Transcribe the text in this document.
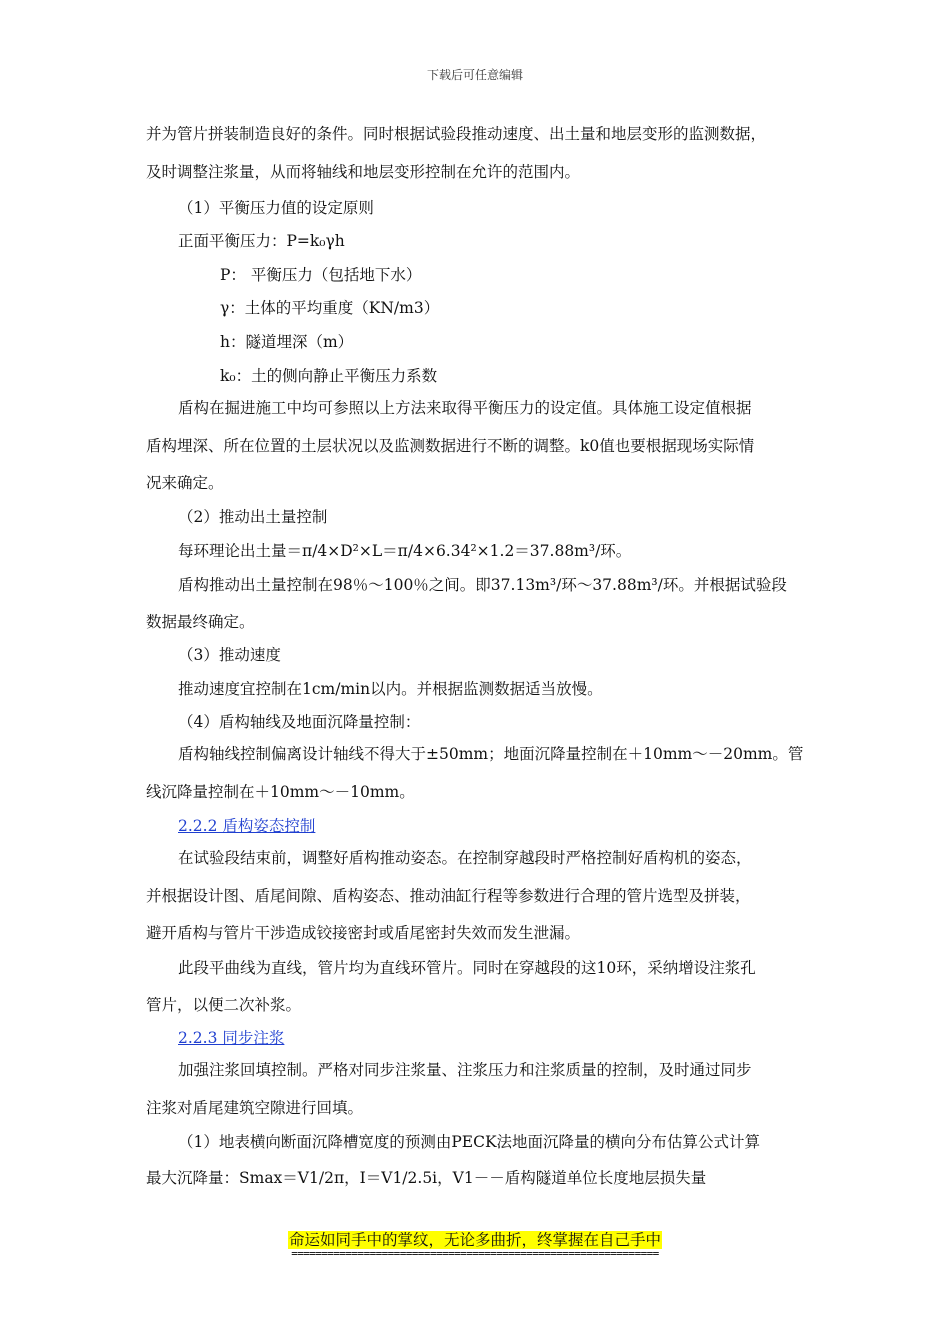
下载后可任意编辑
并为管片拼装制造良好的条件。同时根据试验段推动速度、出土量和地层变形的监测数据，
及时调整注浆量，从而将轴线和地层变形控制在允许的范围内。
（1）平衡压力值的设定原则
正面平衡压力：P=k₀γh
P： 平衡压力（包括地下水）
γ：土体的平均重度（KN/m3）
h：隧道埋深（m）
k₀：土的侧向静止平衡压力系数
盾构在掘进施工中均可参照以上方法来取得平衡压力的设定值。具体施工设定值根据
盾构埋深、所在位置的土层状况以及监测数据进行不断的调整。k0值也要根据现场实际情
况来确定。
（2）推动出土量控制
每环理论出土量＝π/4×D²×L＝π/4×6.34²×1.2＝37.88m³/环。
盾构推动出土量控制在98％～100％之间。即37.13m³/环～37.88m³/环。并根据试验段
数据最终确定。
（3）推动速度
推动速度宜控制在1cm/min以内。并根据监测数据适当放慢。
（4）盾构轴线及地面沉降量控制：
盾构轴线控制偏离设计轴线不得大于±50mm；地面沉降量控制在＋10mm～－20mm。管
线沉降量控制在＋10mm～－10mm。
2.2.2 盾构姿态控制
在试验段结束前，调整好盾构推动姿态。在控制穿越段时严格控制好盾构机的姿态，
并根据设计图、盾尾间隙、盾构姿态、推动油缸行程等参数进行合理的管片选型及拼装，
避开盾构与管片干涉造成铰接密封或盾尾密封失效而发生泄漏。
此段平曲线为直线，管片均为直线环管片。同时在穿越段的这10环，采纳增设注浆孔
管片，以便二次补浆。
2.2.3 同步注浆
加强注浆回填控制。严格对同步注浆量、注浆压力和注浆质量的控制，及时通过同步
注浆对盾尾建筑空隙进行回填。
（1）地表横向断面沉降槽宽度的预测由PECK法地面沉降量的横向分布估算公式计算
最大沉降量：Smax＝V1/2π，I＝V1/2.5i，V1－－盾构隧道单位长度地层损失量
命运如同手中的掌纹，无论多曲折，终掌握在自己手中
=============================================================
